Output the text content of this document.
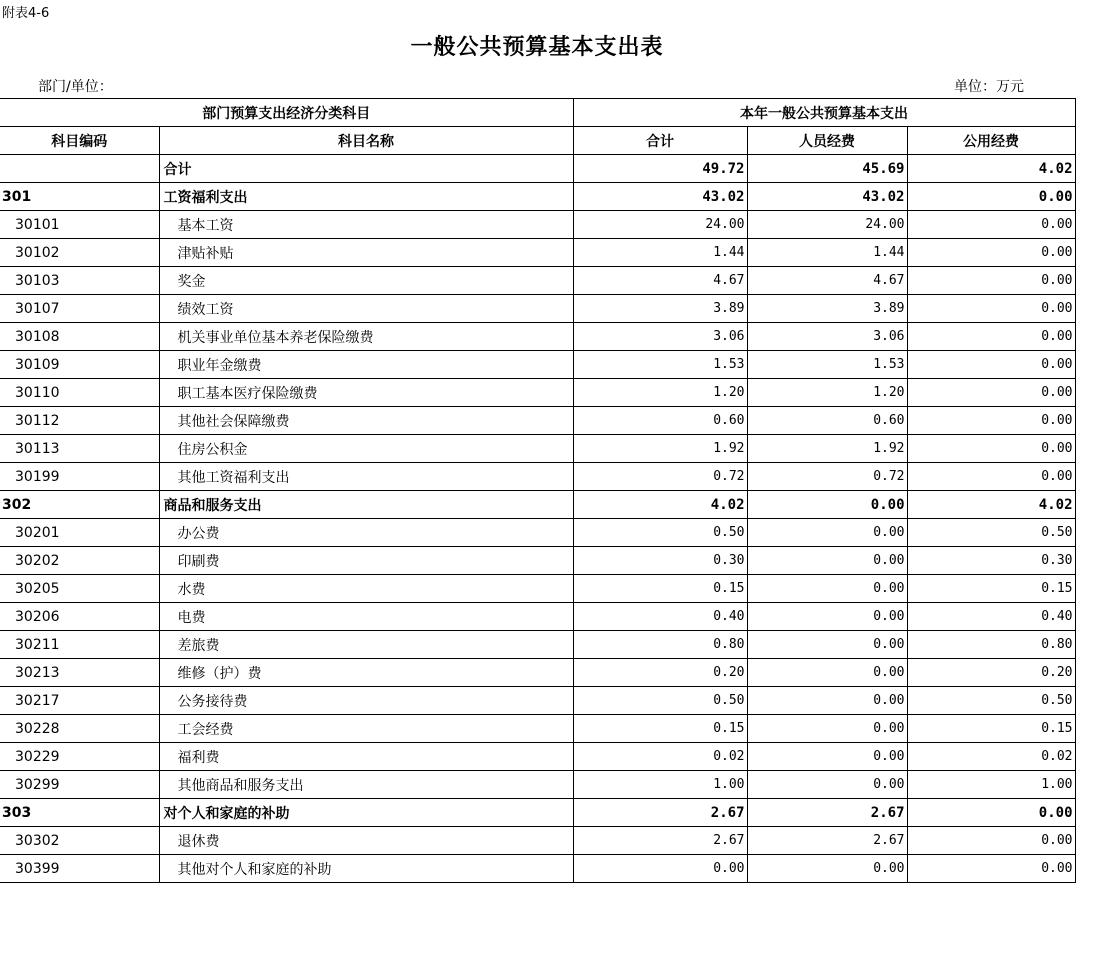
附表4-6
一般公共预算基本支出表
部门/单位：	单位：万元
部门预算支出经济分类科目		本年一般公共预算基本支出		
科目编码	科目名称	合计	人员经费	公用经费
	合计	49.72	45.69	4.02
301	工资福利支出	43.02	43.02	0.00
30101	基本工资	24.00	24.00	0.00
30102	津贴补贴	1.44	1.44	0.00
30103	奖金	4.67	4.67	0.00
30107	绩效工资	3.89	3.89	0.00
30108	机关事业单位基本养老保险缴费	3.06	3.06	0.00
30109	职业年金缴费	1.53	1.53	0.00
30110	职工基本医疗保险缴费	1.20	1.20	0.00
30112	其他社会保障缴费	0.60	0.60	0.00
30113	住房公积金	1.92	1.92	0.00
30199	其他工资福利支出	0.72	0.72	0.00
302	商品和服务支出	4.02	0.00	4.02
30201	办公费	0.50	0.00	0.50
30202	印刷费	0.30	0.00	0.30
30205	水费	0.15	0.00	0.15
30206	电费	0.40	0.00	0.40
30211	差旅费	0.80	0.00	0.80
30213	维修（护）费	0.20	0.00	0.20
30217	公务接待费	0.50	0.00	0.50
30228	工会经费	0.15	0.00	0.15
30229	福利费	0.02	0.00	0.02
30299	其他商品和服务支出	1.00	0.00	1.00
303	对个人和家庭的补助	2.67	2.67	0.00
30302	退休费	2.67	2.67	0.00
30399	其他对个人和家庭的补助	0.00	0.00	0.00
